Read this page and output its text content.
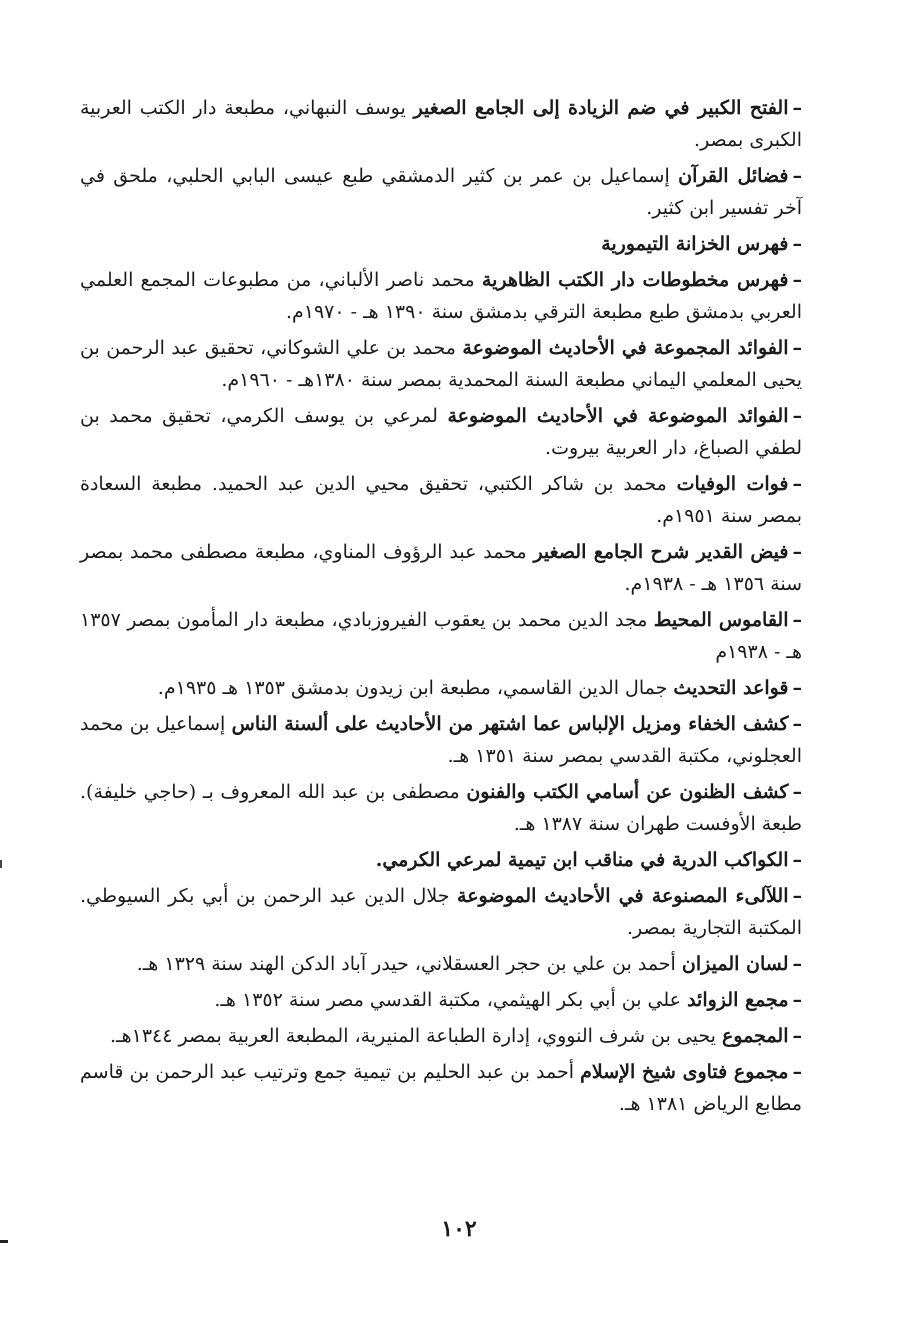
–الفتح الكبير في ضم الزيادة إلى الجامع الصغير يوسف النبهاني، مطبعة دار الكتب العربية الكبرى بمصر.
–فضائل القرآن إسماعيل بن عمر بن كثير الدمشقي طبع عيسى البابي الحلبي، ملحق في آخر تفسير ابن كثير.
–فهرس الخزانة التيمورية
–فهرس مخطوطات دار الكتب الظاهرية محمد ناصر الألباني، من مطبوعات المجمع العلمي العربي بدمشق طبع مطبعة الترقي بدمشق سنة ١٣٩٠ هـ - ١٩٧٠م.
–الفوائد المجموعة في الأحاديث الموضوعة محمد بن علي الشوكاني، تحقيق عبد الرحمن بن يحيى المعلمي اليماني مطبعة السنة المحمدية بمصر سنة ١٣٨٠هـ - ١٩٦٠م.
–الفوائد الموضوعة في الأحاديث الموضوعة لمرعي بن يوسف الكرمي، تحقيق محمد بن لطفي الصباغ، دار العربية بيروت.
–فوات الوفيات محمد بن شاكر الكتبي، تحقيق محيي الدين عبد الحميد. مطبعة السعادة بمصر سنة ١٩٥١م.
–فيض القدير شرح الجامع الصغير محمد عبد الرؤوف المناوي، مطبعة مصطفى محمد بمصر سنة ١٣٥٦ هـ - ١٩٣٨م.
–القاموس المحيط مجد الدين محمد بن يعقوب الفيروزبادي، مطبعة دار المأمون بمصر ١٣٥٧ هـ - ١٩٣٨م
–قواعد التحديث جمال الدين القاسمي، مطبعة ابن زيدون بدمشق ١٣٥٣ هـ ١٩٣٥م.
–كشف الخفاء ومزيل الإلباس عما اشتهر من الأحاديث على ألسنة الناس إسماعيل بن محمد العجلوني، مكتبة القدسي بمصر سنة ١٣٥١ هـ.
–كشف الظنون عن أسامي الكتب والفنون مصطفى بن عبد الله المعروف بـ (حاجي خليفة). طبعة الأوفست طهران سنة ١٣٨٧ هـ.
–الكواكب الدرية في مناقب ابن تيمية لمرعي الكرمي.
–اللآلىء المصنوعة في الأحاديث الموضوعة جلال الدين عبد الرحمن بن أبي بكر السيوطي. المكتبة التجارية بمصر.
–لسان الميزان أحمد بن علي بن حجر العسقلاني، حيدر آباد الدكن الهند سنة ١٣٢٩ هـ.
–مجمع الزوائد علي بن أبي بكر الهيثمي، مكتبة القدسي مصر سنة ١٣٥٢ هـ.
–المجموع يحيى بن شرف النووي، إدارة الطباعة المنيرية، المطبعة العربية بمصر ١٣٤٤هـ.
–مجموع فتاوى شيخ الإسلام أحمد بن عبد الحليم بن تيمية جمع وترتيب عبد الرحمن بن قاسم مطابع الرياض ١٣٨١ هـ.
١٠٢
